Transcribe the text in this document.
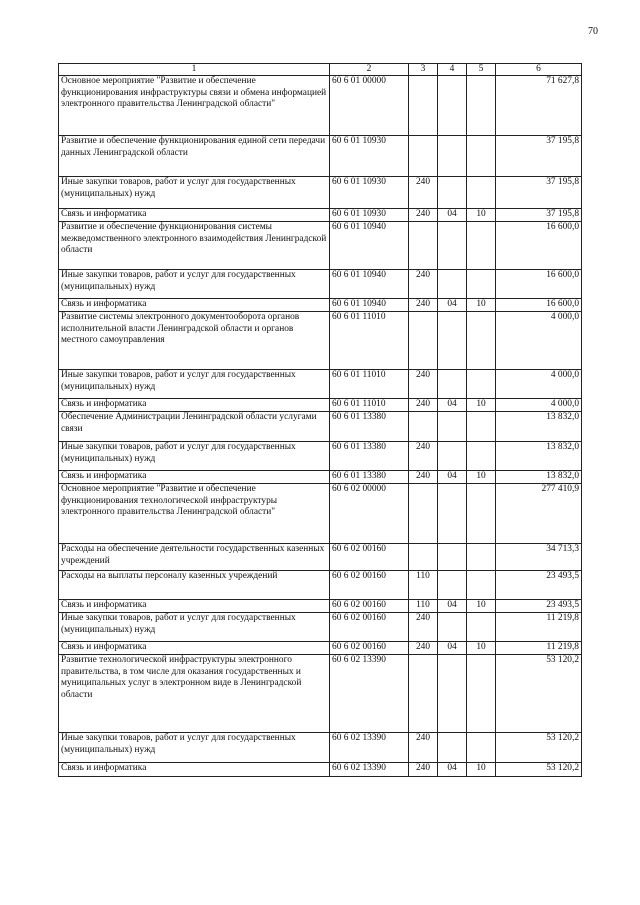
70
1	2	3	4	5	6
Основное мероприятие "Развитие и обеспечение функционирования инфраструктуры связи и обмена информацией электронного правительства Ленинградской области"	60 6 01 00000				71 627,8
Развитие и обеспечение функционирования единой сети передачи данных Ленинградской области	60 6 01 10930				37 195,8
Иные закупки товаров, работ и услуг для государственных (муниципальных) нужд	60 6 01 10930	240			37 195,8
Связь и информатика	60 6 01 10930	240	04	10	37 195,8
Развитие и обеспечение функционирования системы межведомственного электронного взаимодействия Ленинградской области	60 6 01 10940				16 600,0
Иные закупки товаров, работ и услуг для государственных (муниципальных) нужд	60 6 01 10940	240			16 600,0
Связь и информатика	60 6 01 10940	240	04	10	16 600,0
Развитие системы электронного документооборота органов исполнительной власти Ленинградской области и органов местного самоуправления	60 6 01 11010				4 000,0
Иные закупки товаров, работ и услуг для государственных (муниципальных) нужд	60 6 01 11010	240			4 000,0
Связь и информатика	60 6 01 11010	240	04	10	4 000,0
Обеспечение Администрации Ленинградской области услугами связи	60 6 01 13380				13 832,0
Иные закупки товаров, работ и услуг для государственных (муниципальных) нужд	60 6 01 13380	240			13 832,0
Связь и информатика	60 6 01 13380	240	04	10	13 832,0
Основное мероприятие "Развитие и обеспечение функционирования технологической инфраструктуры электронного правительства Ленинградской области"	60 6 02 00000				277 410,9
Расходы на обеспечение деятельности государственных казенных учреждений	60 6 02 00160				34 713,3
Расходы на выплаты персоналу казенных учреждений	60 6 02 00160	110			23 493,5
Связь и информатика	60 6 02 00160	110	04	10	23 493,5
Иные закупки товаров, работ и услуг для государственных (муниципальных) нужд	60 6 02 00160	240			11 219,8
Связь и информатика	60 6 02 00160	240	04	10	11 219,8
Развитие технологической инфраструктуры электронного правительства, в том числе для оказания государственных и муниципальных услуг в электронном виде в Ленинградской области	60 6 02 13390				53 120,2
Иные закупки товаров, работ и услуг для государственных (муниципальных) нужд	60 6 02 13390	240			53 120,2
Связь и информатика	60 6 02 13390	240	04	10	53 120,2
